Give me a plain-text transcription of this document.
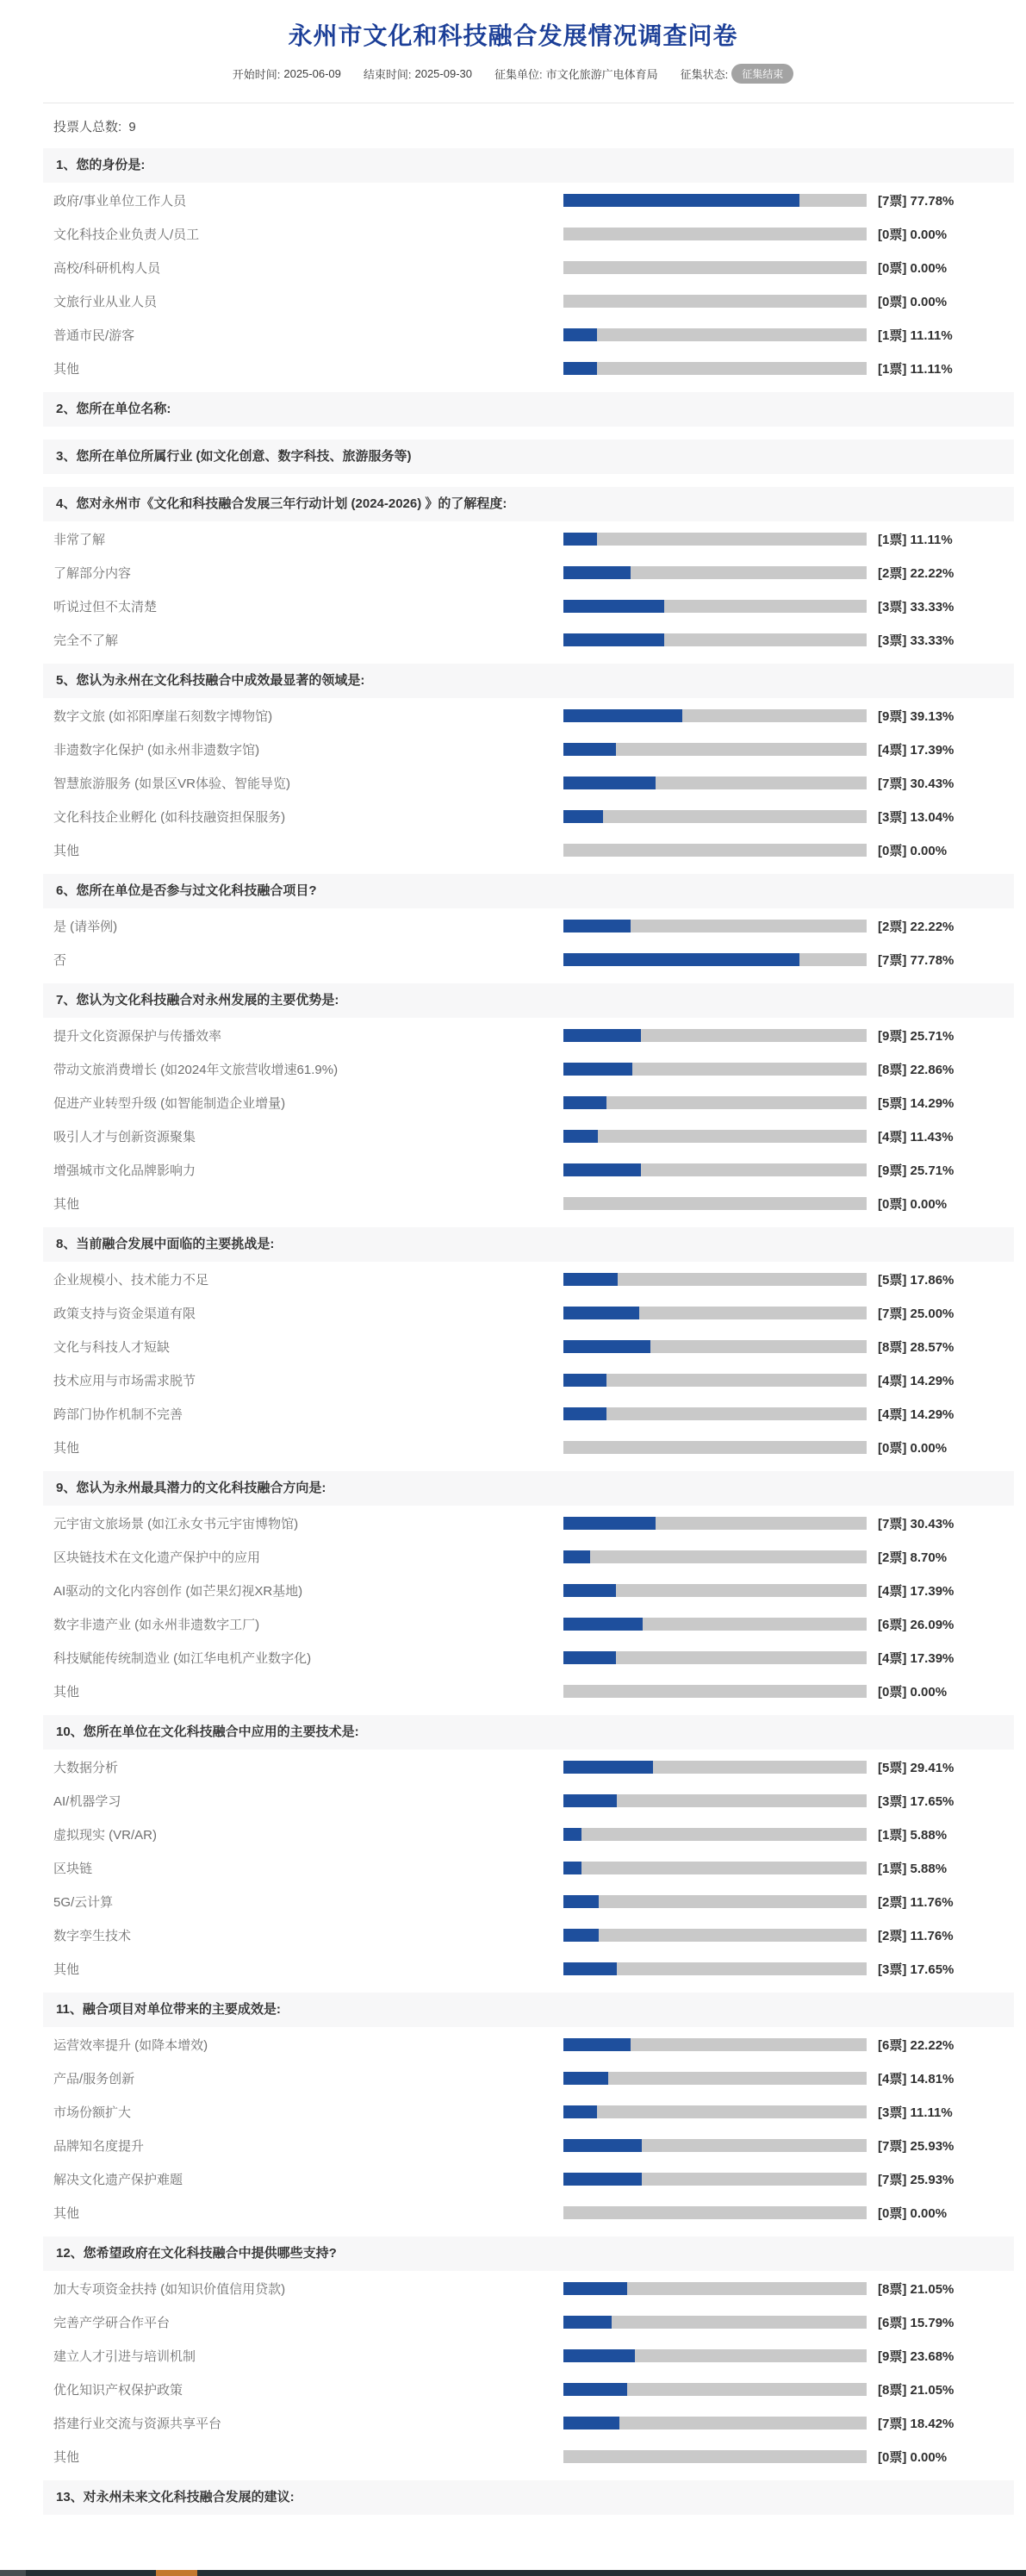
永州市文化和科技融合发展情况调查问卷
开始时间: 2025-06-09 结束时间: 2025-09-30 征集单位: 市文化旅游广电体育局 征集状态:	征集结束
投票人总数: 9
1、您的身份是:
政府/事业单位工作人员	[7票] 77.78%
文化科技企业负责人/员工	[0票] 0.00%
高校/科研机构人员	[0票] 0.00%
文旅行业从业人员	[0票] 0.00%
普通市民/游客	[1票] 11.11%
其他	[1票] 11.11%
2、您所在单位名称:
3、您所在单位所属行业 (如文化创意、数字科技、旅游服务等)
4、您对永州市《文化和科技融合发展三年行动计划 (2024-2026) 》的了解程度:
非常了解	[1票] 11.11%
了解部分内容	[2票] 22.22%
听说过但不太清楚	[3票] 33.33%
完全不了解	[3票] 33.33%
5、您认为永州在文化科技融合中成效最显著的领域是:
数字文旅 (如祁阳摩崖石刻数字博物馆)	[9票] 39.13%
非遗数字化保护 (如永州非遗数字馆)	[4票] 17.39%
智慧旅游服务 (如景区VR体验、智能导览)	[7票] 30.43%
文化科技企业孵化 (如科技融资担保服务)	[3票] 13.04%
其他	[0票] 0.00%
6、您所在单位是否参与过文化科技融合项目?
是 (请举例)	[2票] 22.22%
否	[7票] 77.78%
7、您认为文化科技融合对永州发展的主要优势是:
提升文化资源保护与传播效率	[9票] 25.71%
带动文旅消费增长 (如2024年文旅营收增速61.9%)	[8票] 22.86%
促进产业转型升级 (如智能制造企业增量)	[5票] 14.29%
吸引人才与创新资源聚集	[4票] 11.43%
增强城市文化品牌影响力	[9票] 25.71%
其他	[0票] 0.00%
8、当前融合发展中面临的主要挑战是:
企业规模小、技术能力不足	[5票] 17.86%
政策支持与资金渠道有限	[7票] 25.00%
文化与科技人才短缺	[8票] 28.57%
技术应用与市场需求脱节	[4票] 14.29%
跨部门协作机制不完善	[4票] 14.29%
其他	[0票] 0.00%
9、您认为永州最具潜力的文化科技融合方向是:
元宇宙文旅场景 (如江永女书元宇宙博物馆)	[7票] 30.43%
区块链技术在文化遗产保护中的应用	[2票] 8.70%
AI驱动的文化内容创作 (如芒果幻视XR基地)	[4票] 17.39%
数字非遗产业 (如永州非遗数字工厂)	[6票] 26.09%
科技赋能传统制造业 (如江华电机产业数字化)	[4票] 17.39%
其他	[0票] 0.00%
10、您所在单位在文化科技融合中应用的主要技术是:
大数据分析	[5票] 29.41%
AI/机器学习	[3票] 17.65%
虚拟现实 (VR/AR)	[1票] 5.88%
区块链	[1票] 5.88%
5G/云计算	[2票] 11.76%
数字孪生技术	[2票] 11.76%
其他	[3票] 17.65%
11、融合项目对单位带来的主要成效是:
运营效率提升 (如降本增效)	[6票] 22.22%
产品/服务创新	[4票] 14.81%
市场份额扩大	[3票] 11.11%
品牌知名度提升	[7票] 25.93%
解决文化遗产保护难题	[7票] 25.93%
其他	[0票] 0.00%
12、您希望政府在文化科技融合中提供哪些支持?
加大专项资金扶持 (如知识价值信用贷款)	[8票] 21.05%
完善产学研合作平台	[6票] 15.79%
建立人才引进与培训机制	[9票] 23.68%
优化知识产权保护政策	[8票] 21.05%
搭建行业交流与资源共享平台	[7票] 18.42%
其他	[0票] 0.00%
13、对永州未来文化科技融合发展的建议:
